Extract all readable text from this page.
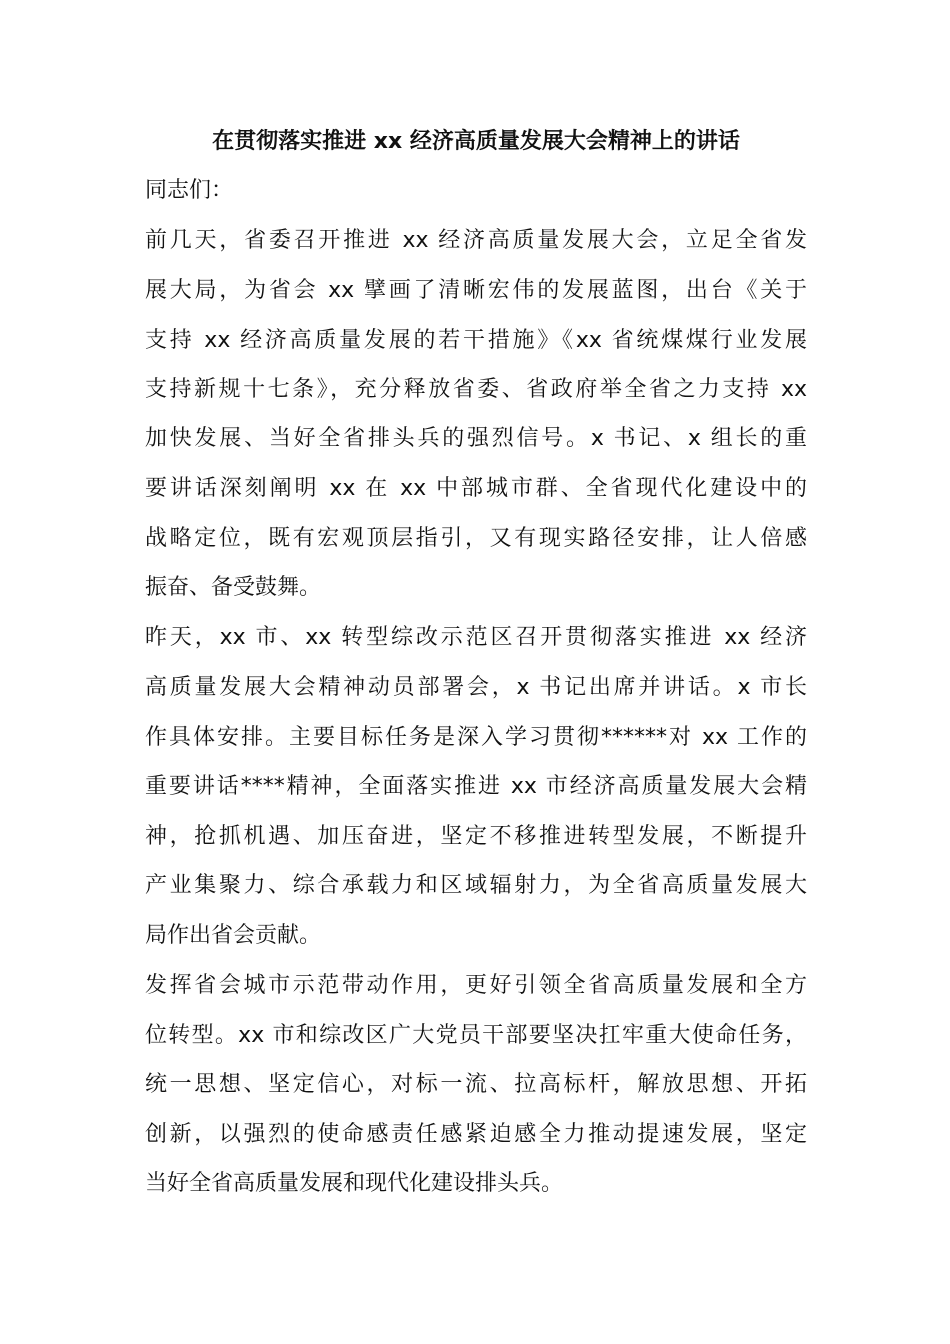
在贯彻落实推进 xx 经济高质量发展大会精神上的讲话
同志们：
前几天，省委召开推进 xx 经济高质量发展大会，立足全省发
展大局，为省会 xx 擘画了清晰宏伟的发展蓝图，出台《关于
支持 xx 经济高质量发展的若干措施》《xx 省统煤煤行业发展
支持新规十七条》，充分释放省委、省政府举全省之力支持 xx
加快发展、当好全省排头兵的强烈信号。x 书记、x 组长的重
要讲话深刻阐明 xx 在 xx 中部城市群、全省现代化建设中的
战略定位，既有宏观顶层指引，又有现实路径安排，让人倍感
振奋、备受鼓舞。
昨天，xx 市、xx 转型综改示范区召开贯彻落实推进 xx 经济
高质量发展大会精神动员部署会，x 书记出席并讲话。x 市长
作具体安排。主要目标任务是深入学习贯彻******对 xx 工作的
重要讲话****精神，全面落实推进 xx 市经济高质量发展大会精
神，抢抓机遇、加压奋进，坚定不移推进转型发展，不断提升
产业集聚力、综合承载力和区域辐射力，为全省高质量发展大
局作出省会贡献。
发挥省会城市示范带动作用，更好引领全省高质量发展和全方
位转型。xx 市和综改区广大党员干部要坚决扛牢重大使命任务，
统一思想、坚定信心，对标一流、拉高标杆，解放思想、开拓
创新，以强烈的使命感责任感紧迫感全力推动提速发展，坚定
当好全省高质量发展和现代化建设排头兵。
